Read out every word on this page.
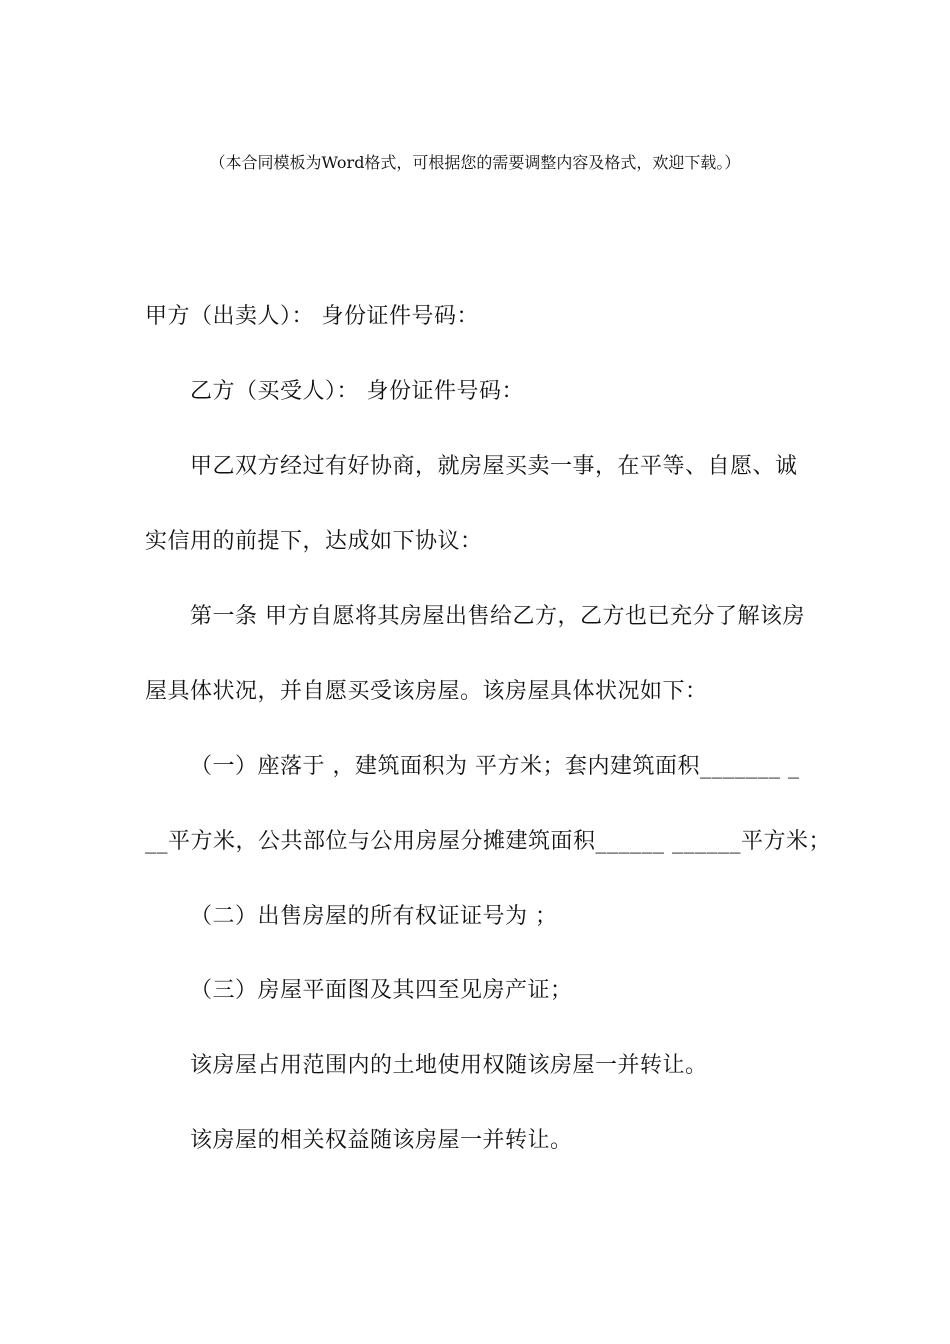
（本合同模板为Word格式，可根据您的需要调整内容及格式，欢迎下载。）
甲方（出卖人）： 身份证件号码：
乙方（买受人）： 身份证件号码：
甲乙双方经过有好协商，就房屋买卖一事，在平等、自愿、诚
实信用的前提下，达成如下协议：
第一条 甲方自愿将其房屋出售给乙方，乙方也已充分了解该房
屋具体状况，并自愿买受该房屋。该房屋具体状况如下：
（一）座落于 ，建筑面积为 平方米；套内建筑面积_______ _
__平方米，公共部位与公用房屋分摊建筑面积______ ______平方米；
（二）出售房屋的所有权证证号为 ；
（三）房屋平面图及其四至见房产证；
该房屋占用范围内的土地使用权随该房屋一并转让。
该房屋的相关权益随该房屋一并转让。
